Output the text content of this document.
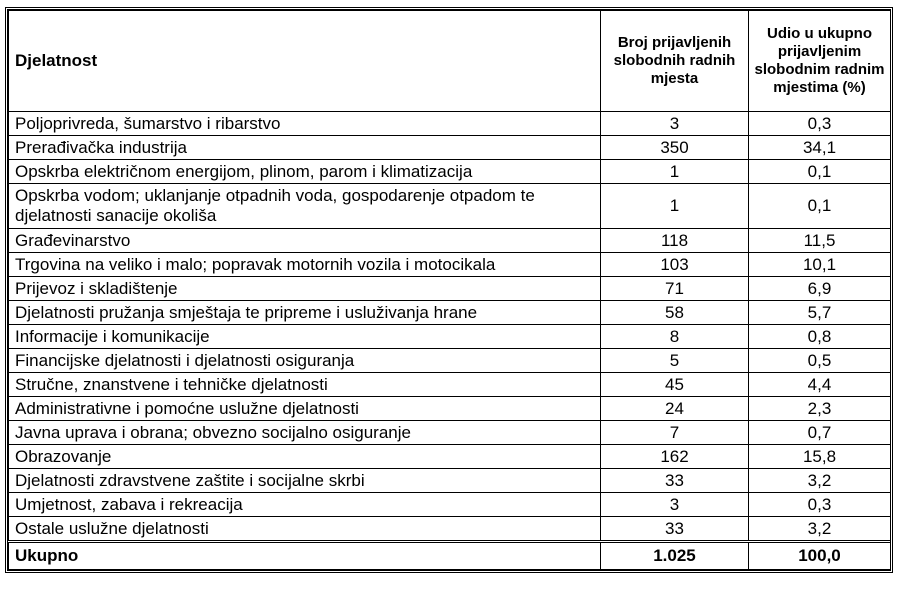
Djelatnost	Broj prijavljenih slobodnih radnih mjesta	Udio u ukupno prijavljenim slobodnim radnim mjestima (%)
Poljoprivreda, šumarstvo i ribarstvo	3	0,3
Prerađivačka industrija	350	34,1
Opskrba električnom energijom, plinom, parom i klimatizacija	1	0,1
Opskrba vodom; uklanjanje otpadnih voda, gospodarenje otpadom te djelatnosti sanacije okoliša	1	0,1
Građevinarstvo	118	11,5
Trgovina na veliko i malo; popravak motornih vozila i motocikala	103	10,1
Prijevoz i skladištenje	71	6,9
Djelatnosti pružanja smještaja te pripreme i usluživanja hrane	58	5,7
Informacije i komunikacije	8	0,8
Financijske djelatnosti i djelatnosti osiguranja	5	0,5
Stručne, znanstvene i tehničke djelatnosti	45	4,4
Administrativne i pomoćne uslužne djelatnosti	24	2,3
Javna uprava i obrana; obvezno socijalno osiguranje	7	0,7
Obrazovanje	162	15,8
Djelatnosti zdravstvene zaštite i socijalne skrbi	33	3,2
Umjetnost, zabava i rekreacija	3	0,3
Ostale uslužne djelatnosti	33	3,2
Ukupno	1.025	100,0
